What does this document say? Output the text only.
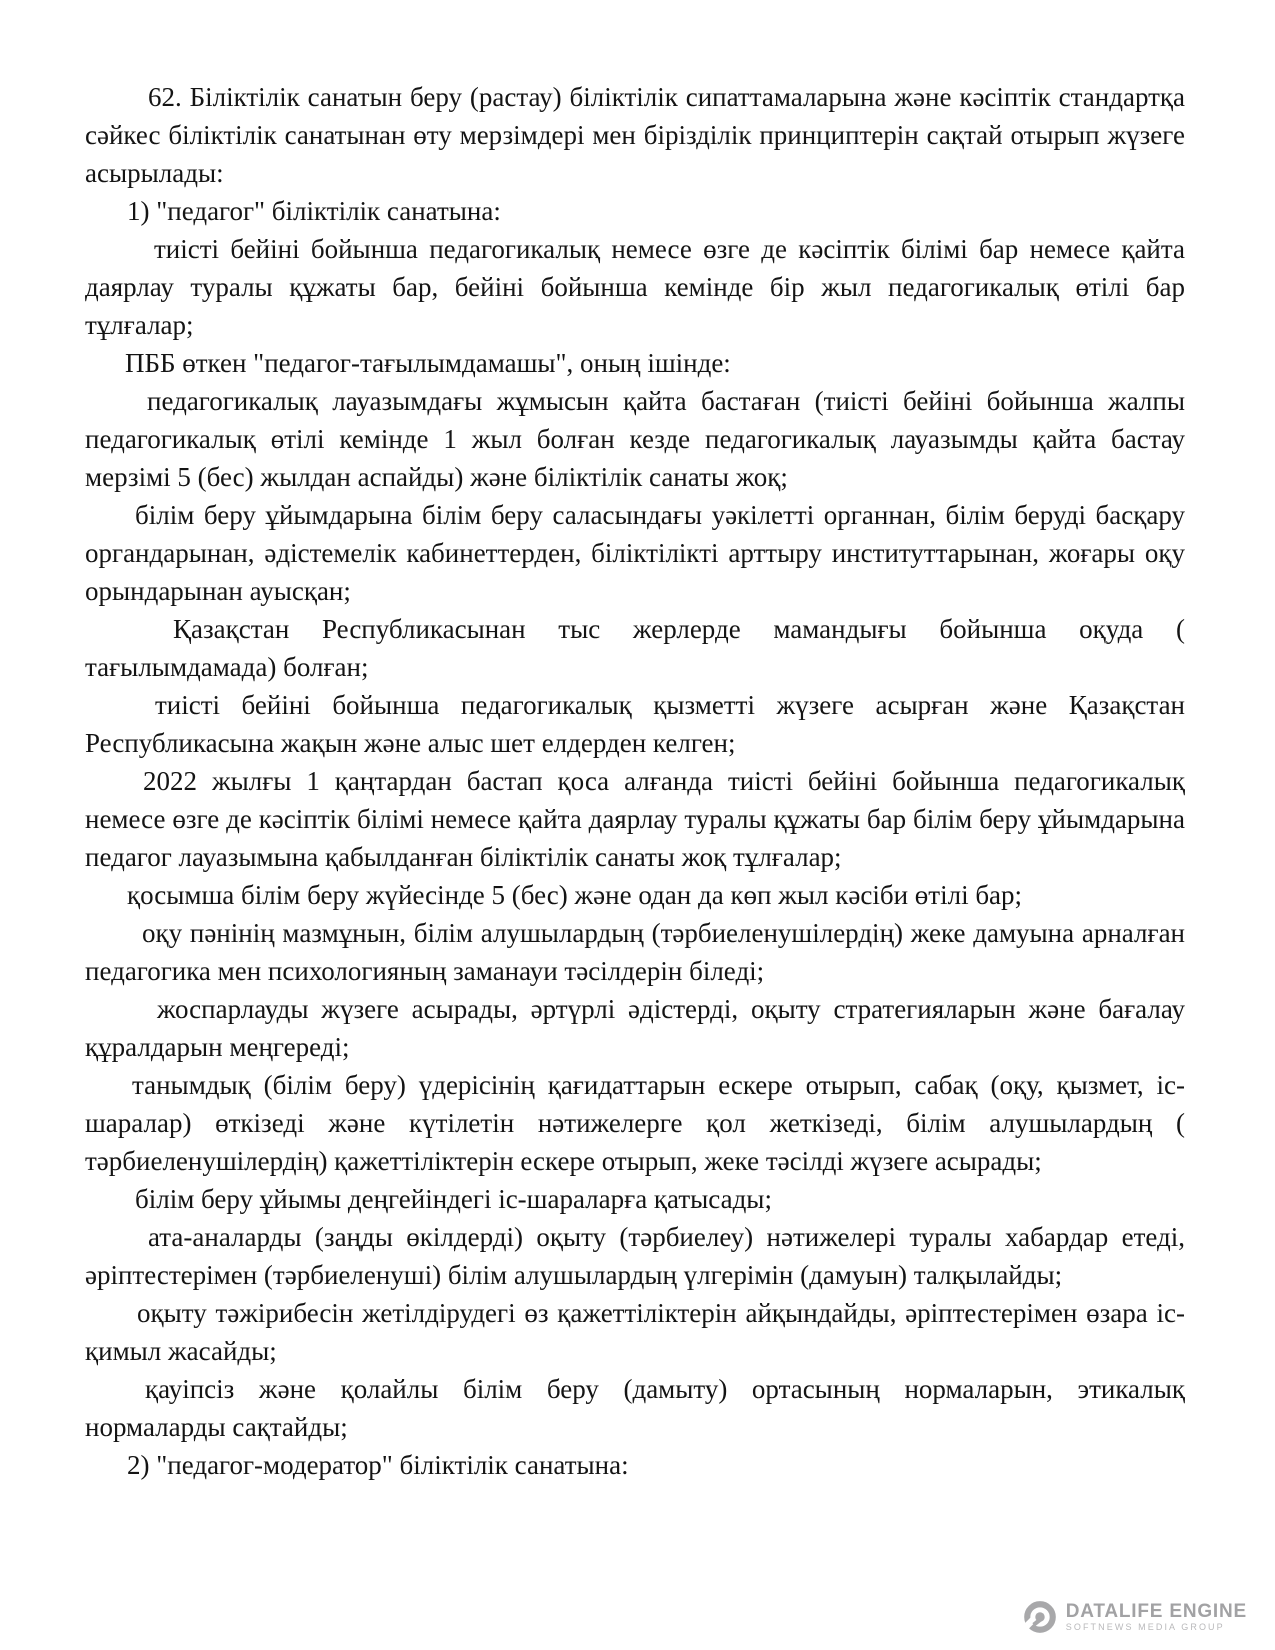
62. Біліктілік санатын беру (растау) біліктілік сипаттамаларына және кәсіптік стандартқа сәйкес біліктілік санатынан өту мерзімдері мен бірізділік принциптерін сақтай отырып жүзеге асырылады:

1) "педагог" біліктілік санатына:

тиісті бейіні бойынша педагогикалық немесе өзге де кәсіптік білімі бар немесе қайта даярлау туралы құжаты бар, бейіні бойынша кемінде бір жыл педагогикалық өтілі бар тұлғалар;

ПББ өткен "педагог-тағылымдамашы", оның ішінде:

педагогикалық лауазымдағы жұмысын қайта бастаған (тиісті бейіні бойынша жалпы педагогикалық өтілі кемінде 1 жыл болған кезде педагогикалық лауазымды қайта бастау мерзімі 5 (бес) жылдан аспайды) және біліктілік санаты жоқ;

білім беру ұйымдарына білім беру саласындағы уәкілетті органнан, білім беруді басқару органдарынан, әдістемелік кабинеттерден, біліктілікті арттыру институттарынан, жоғары оқу орындарынан ауысқан;

Қазақстан Республикасынан тыс жерлерде мамандығы бойынша оқуда ( тағылымдамада) болған;

тиісті бейіні бойынша педагогикалық қызметті жүзеге асырған және Қазақстан Республикасына жақын және алыс шет елдерден келген;

2022 жылғы 1 қаңтардан бастап қоса алғанда тиісті бейіні бойынша педагогикалық немесе өзге де кәсіптік білімі немесе қайта даярлау туралы құжаты бар білім беру ұйымдарына педагог лауазымына қабылданған біліктілік санаты жоқ тұлғалар;

қосымша білім беру жүйесінде 5 (бес) және одан да көп жыл кәсіби өтілі бар;

оқу пәнінің мазмұнын, білім алушылардың (тәрбиеленушілердің) жеке дамуына арналған педагогика мен психологияның заманауи тәсілдерін біледі;

жоспарлауды жүзеге асырады, әртүрлі әдістерді, оқыту стратегияларын және бағалау құралдарын меңгереді;

танымдық (білім беру) үдерісінің қағидаттарын ескере отырып, сабақ (оқу, қызмет, іс-шаралар) өткізеді және күтілетін нәтижелерге қол жеткізеді, білім алушылардың ( тәрбиеленушілердің) қажеттіліктерін ескере отырып, жеке тәсілді жүзеге асырады;

білім беру ұйымы деңгейіндегі іс-шараларға қатысады;

ата-аналарды (заңды өкілдерді) оқыту (тәрбиелеу) нәтижелері туралы хабардар етеді, әріптестерімен (тәрбиеленуші) білім алушылардың үлгерімін (дамуын) талқылайды;

оқыту тәжірибесін жетілдірудегі өз қажеттіліктерін айқындайды, әріптестерімен өзара іс-қимыл жасайды;

қауіпсіз және қолайлы білім беру (дамыту) ортасының нормаларын, этикалық нормаларды сақтайды;

2) "педагог-модератор" біліктілік санатына:

DATALIFE ENGINE
SOFTNEWS MEDIA GROUP
